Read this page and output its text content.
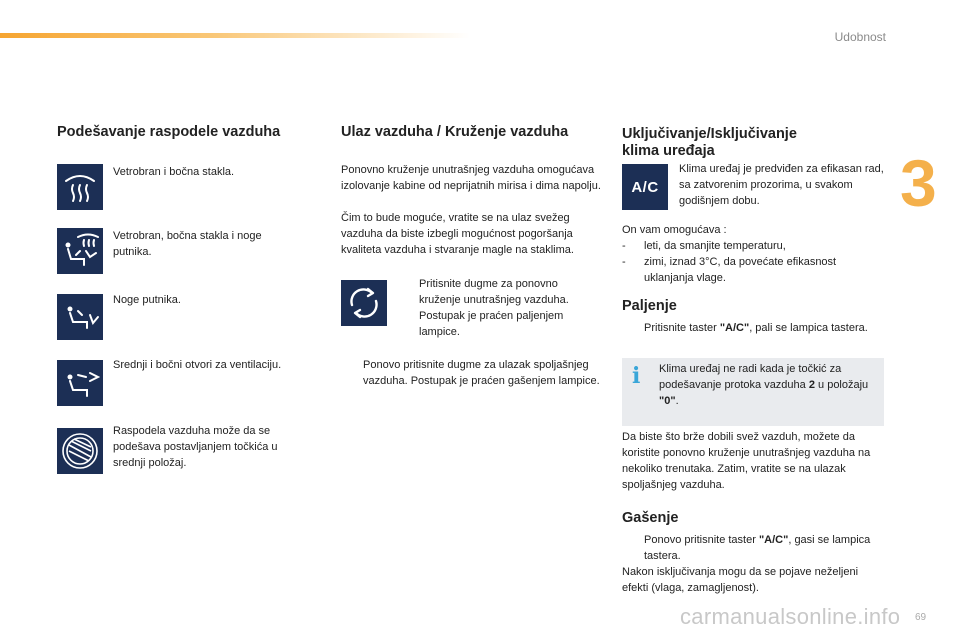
Udobnost
3
Podešavanje raspodele vazduha

Vetrobran i bočna stakla.

Vetrobran, bočna stakla i noge putnika.

Noge putnika.

Srednji i bočni otvori za ventilaciju.

Raspodela vazduha može da se podešava postavljanjem točkića u srednji položaj.

Ulaz vazduha / Kruženje vazduha

Ponovno kruženje unutrašnjeg vazduha omogućava izolovanje kabine od neprijatnih mirisa i dima napolju.

Čim to bude moguće, vratite se na ulaz svežeg vazduha da biste izbegli mogućnost pogoršanja kvaliteta vazduha i stvaranje magle na staklima.

Pritisnite dugme za ponovno kruženje unutrašnjeg vazduha. Postupak je praćen paljenjem lampice.
Ponovo pritisnite dugme za ulazak spoljašnjeg vazduha. Postupak je praćen gašenjem lampice.
Uključivanje/Isključivanje
klima uređaja
A/C

Klima uređaj je predviđen za efikasan rad, sa zatvorenim prozorima, u svakom godišnjem dobu.

On vam omogućava :

-	leti, da smanjite temperaturu,
-	zimi, iznad 3°C, da povećate efikasnost uklanjanja vlage.
Paljenje
Pritisnite taster "A/C", pali se lampica tastera.
i	Klima uređaj ne radi kada je točkić za podešavanje protoka vazduha 2 u položaju "0".

Da biste što brže dobili svež vazduh, možete da koristite ponovno kruženje unutrašnjeg vazduha na nekoliko trenutaka. Zatim, vratite se na ulazak spoljašnjeg vazduha.

Gašenje
Ponovo pritisnite taster "A/C", gasi se lampica tastera.

Nakon isključivanja mogu da se pojave neželjeni efekti (vlaga, zamagljenost).

carmanualsonline.info 69
